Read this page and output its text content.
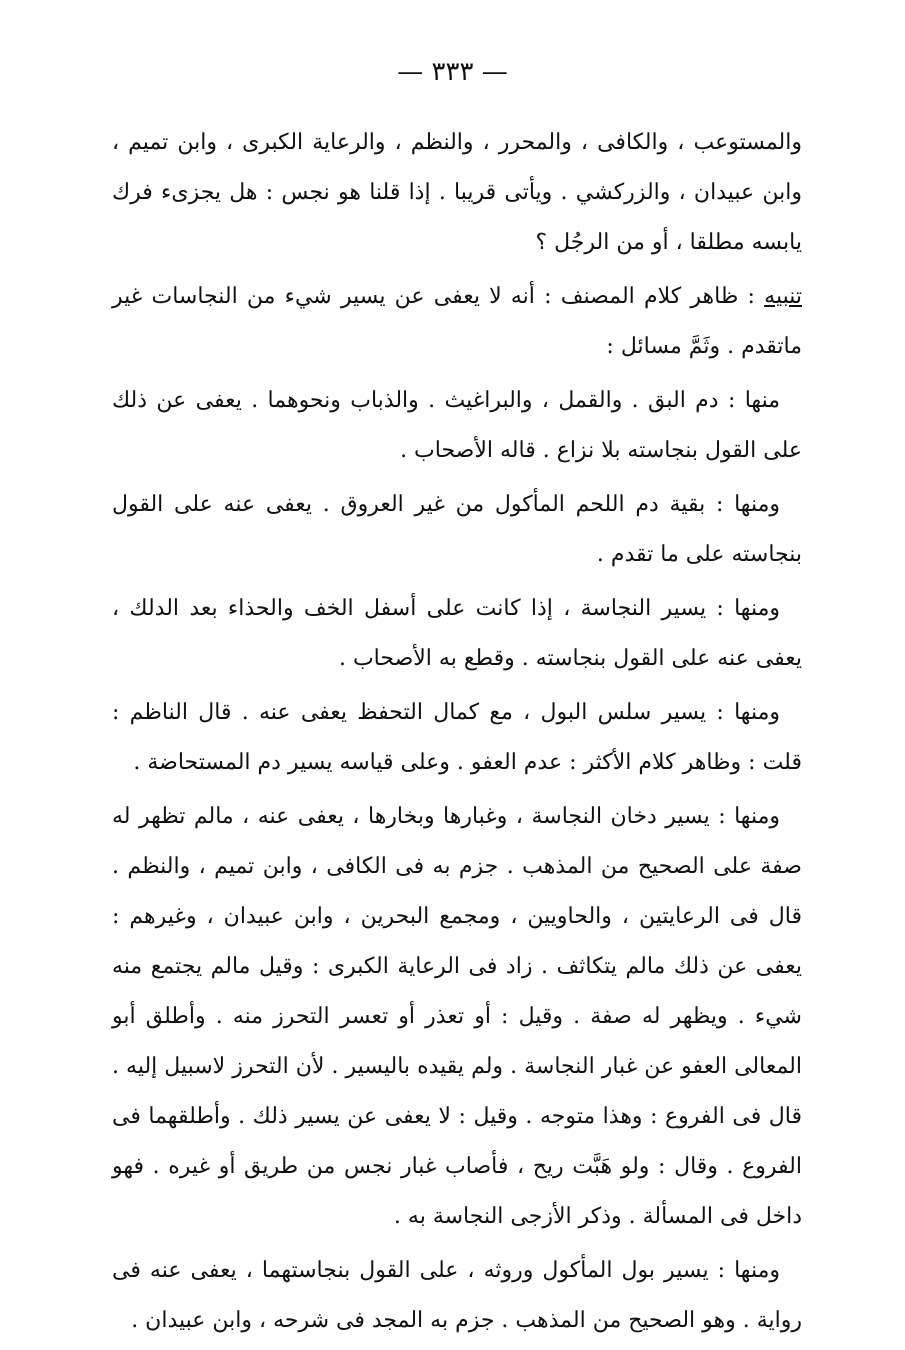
— ٣٣٣ —

والمستوعب ، والكافى ، والمحرر ، والنظم ، والرعاية الكبرى ، وابن تميم ، وابن عبيدان ، والزركشي . ويأتى قريبا . إذا قلنا هو نجس : هل يجزىء فرك يابسه مطلقا ، أو من الرجُل ؟

تنبيه : ظاهر كلام المصنف : أنه لا يعفى عن يسير شيء من النجاسات غير ماتقدم . وثَمَّ مسائل :

منها : دم البق . والقمل ، والبراغيث . والذباب ونحوهما . يعفى عن ذلك على القول بنجاسته بلا نزاع . قاله الأصحاب .

ومنها : بقية دم اللحم المأكول من غير العروق . يعفى عنه على القول بنجاسته على ما تقدم .

ومنها : يسير النجاسة ، إذا كانت على أسفل الخف والحذاء بعد الدلك ، يعفى عنه على القول بنجاسته . وقطع به الأصحاب .

ومنها : يسير سلس البول ، مع كمال التحفظ يعفى عنه . قال الناظم : قلت : وظاهر كلام الأكثر : عدم العفو . وعلى قياسه يسير دم المستحاضة .

ومنها : يسير دخان النجاسة ، وغبارها وبخارها ، يعفى عنه ، مالم تظهر له صفة على الصحيح من المذهب . جزم به فى الكافى ، وابن تميم ، والنظم . قال فى الرعايتين ، والحاويين ، ومجمع البحرين ، وابن عبيدان ، وغيرهم : يعفى عن ذلك مالم يتكاثف . زاد فى الرعاية الكبرى : وقيل مالم يجتمع منه شيء . ويظهر له صفة . وقيل : أو تعذر أو تعسر التحرز منه . وأطلق أبو المعالى العفو عن غبار النجاسة . ولم يقيده باليسير . لأن التحرز لاسبيل إليه . قال فى الفروع : وهذا متوجه . وقيل : لا يعفى عن يسير ذلك . وأطلقهما فى الفروع . وقال : ولو هَبَّت ريح ، فأصاب غبار نجس من طريق أو غيره . فهو داخل فى المسألة . وذكر الأزجى النجاسة به .

ومنها : يسير بول المأكول وروثه ، على القول بنجاستهما ، يعفى عنه فى رواية . وهو الصحيح من المذهب . جزم به المجد فى شرحه ، وابن عبيدان .
